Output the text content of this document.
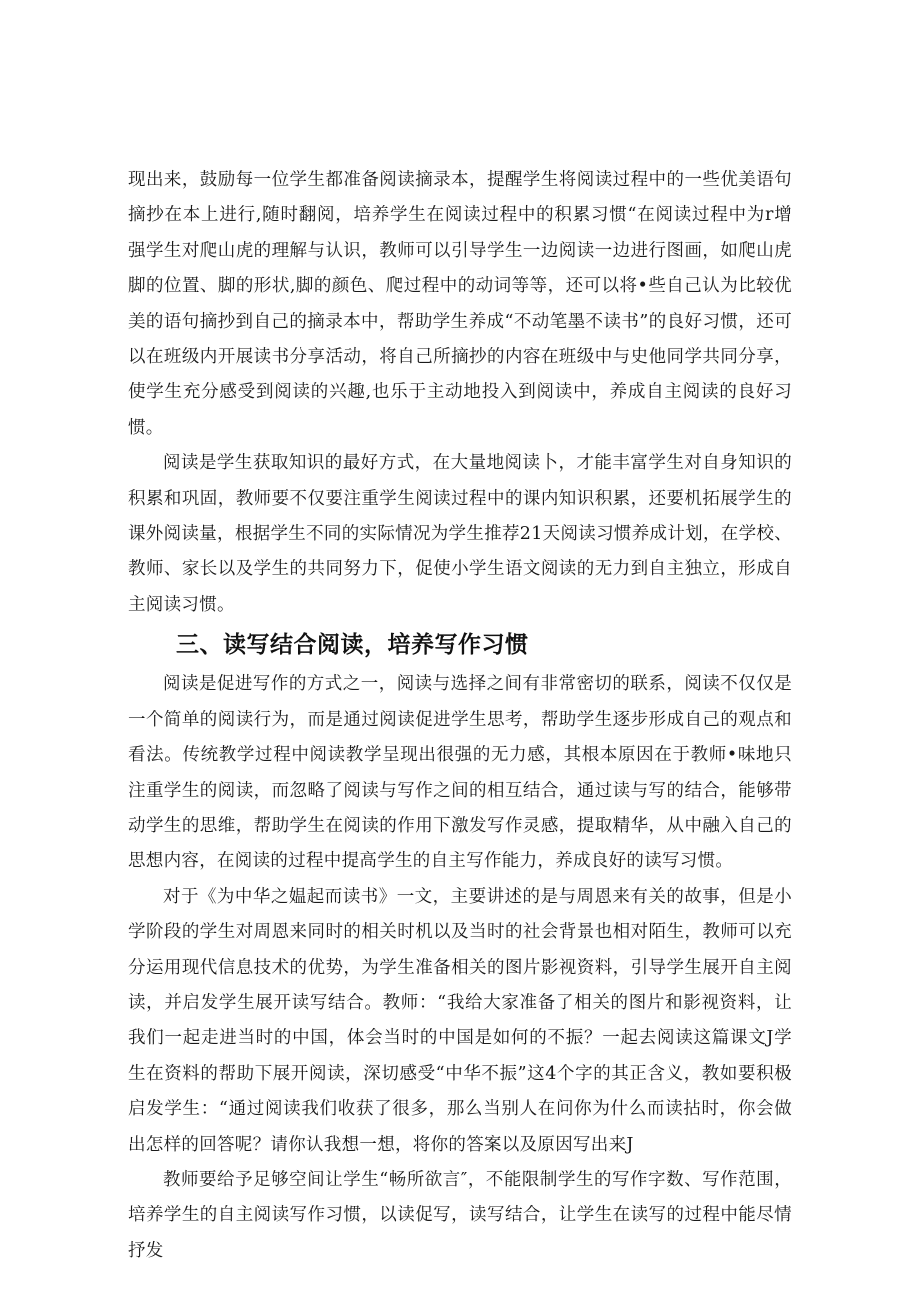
现出来，鼓励每一位学生都准备阅读摘录本，提醒学生将阅读过程中的一些优美语句摘抄在本上进行,随时翻阅，培养学生在阅读过程中的积累习惯“在阅读过程中为r增强学生对爬山虎的理解与认识，教师可以引导学生一边阅读一边进行图画，如爬山虎脚的位置、脚的形状,脚的颜色、爬过程中的动词等等，还可以将•些自己认为比较优美的语句摘抄到自己的摘录本中，帮助学生养成“不动笔墨不读书”的良好习惯，还可以在班级内开展读书分享活动，将自己所摘抄的内容在班级中与史他同学共同分享，使学生充分感受到阅读的兴趣,也乐于主动地投入到阅读中，养成自主阅读的良好习惯。

阅读是学生获取知识的最好方式，在大量地阅读卜，才能丰富学生对自身知识的积累和巩固，教师要不仅要注重学生阅读过程中的课内知识积累，还要机拓展学生的课外阅读量，根据学生不同的实际情况为学生推荐21天阅读习惯养成计划，在学校、教师、家长以及学生的共同努力下，促使小学生语文阅读的无力到自主独立，形成自主阅读习惯。

三、读写结合阅读，培养写作习惯

阅读是促进写作的方式之一，阅读与选择之间有非常密切的联系，阅读不仅仅是一个简单的阅读行为，而是通过阅读促进学生思考，帮助学生逐步形成自己的观点和看法。传统教学过程中阅读教学呈现出很强的无力感，其根本原因在于教师•味地只注重学生的阅读，而忽略了阅读与写作之间的相互结合，通过读与写的结合，能够带动学生的思维，帮助学生在阅读的作用下激发写作灵感，提取精华，从中融入自己的思想内容，在阅读的过程中提高学生的自主写作能力，养成良好的读写习惯。

对于《为中华之媪起而读书》一文，主要讲述的是与周恩来有关的故事，但是小学阶段的学生对周恩来同时的相关时机以及当时的社会背景也相对陌生，教师可以充分运用现代信息技术的优势，为学生准备相关的图片影视资料，引导学生展开自主阅读，并启发学生展开读写结合。教师：“我给大家准备了相关的图片和影视资料，让我们一起走进当时的中国，体会当时的中国是如何的不振？一起去阅读这篇课文J学生在资料的帮助下展开阅读，深切感受“中华不振”这4个字的其正含义，教如要积极启发学生：“通过阅读我们收获了很多，那么当别人在问你为什么而读拈时，你会做出怎样的回答呢？请你认我想一想，将你的答案以及原因写出来J

教师要给予足够空间让学生“畅所欲言″，不能限制学生的写作字数、写作范围，培养学生的自主阅读写作习惯，以读促写，读写结合，让学生在读写的过程中能尽情抒发
